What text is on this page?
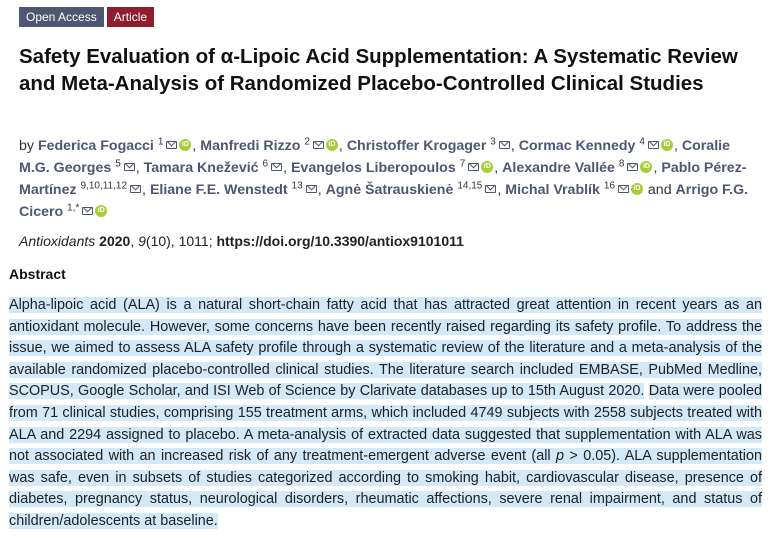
Open Access	Article
Safety Evaluation of α-Lipoic Acid Supplementation: A Systematic Review and Meta-Analysis of Randomized Placebo-Controlled Clinical Studies
by Federica Fogacci $^1$	iD , Manfredi Rizzo $^2$	iD , Christoffer Krogager $^3$ , Cormac Kennedy $^4$	iD , Coralie M.G. Georges $^5$ , Tamara Knežević $^6$ , Evangelos Liberopoulos $^7$	iD , Alexandre Vallée $^8$	iD , Pablo Pérez-Martínez $^{9,10,11,12}$ , Eliane F.E. Wenstedt $^{13}$ , Agnė Šatrauskienė $^{14,15}$ , Michal Vrablík $^{16}$	iD and Arrigo F.G. Cicero $^{1,*}$	iD
Antioxidants 2020, 9(10), 1011; https://doi.org/10.3390/antiox9101011
Abstract
Alpha-lipoic acid (ALA) is a natural short-chain fatty acid that has attracted great attention in recent years as an antioxidant molecule. However, some concerns have been recently raised regarding its safety profile. To address the issue, we aimed to assess ALA safety profile through a systematic review of the literature and a meta-analysis of the available randomized placebo-controlled clinical studies. The literature search included EMBASE, PubMed Medline, SCOPUS, Google Scholar, and ISI Web of Science by Clarivate databases up to 15th August 2020. Data were pooled from 71 clinical studies, comprising 155 treatment arms, which included 4749 subjects with 2558 subjects treated with ALA and 2294 assigned to placebo. A meta-analysis of extracted data suggested that supplementation with ALA was not associated with an increased risk of any treatment-emergent adverse event (all p > 0.05). ALA supplementation was safe, even in subsets of studies categorized according to smoking habit, cardiovascular disease, presence of diabetes, pregnancy status, neurological disorders, rheumatic affections, severe renal impairment, and status of children/adolescents at baseline.
